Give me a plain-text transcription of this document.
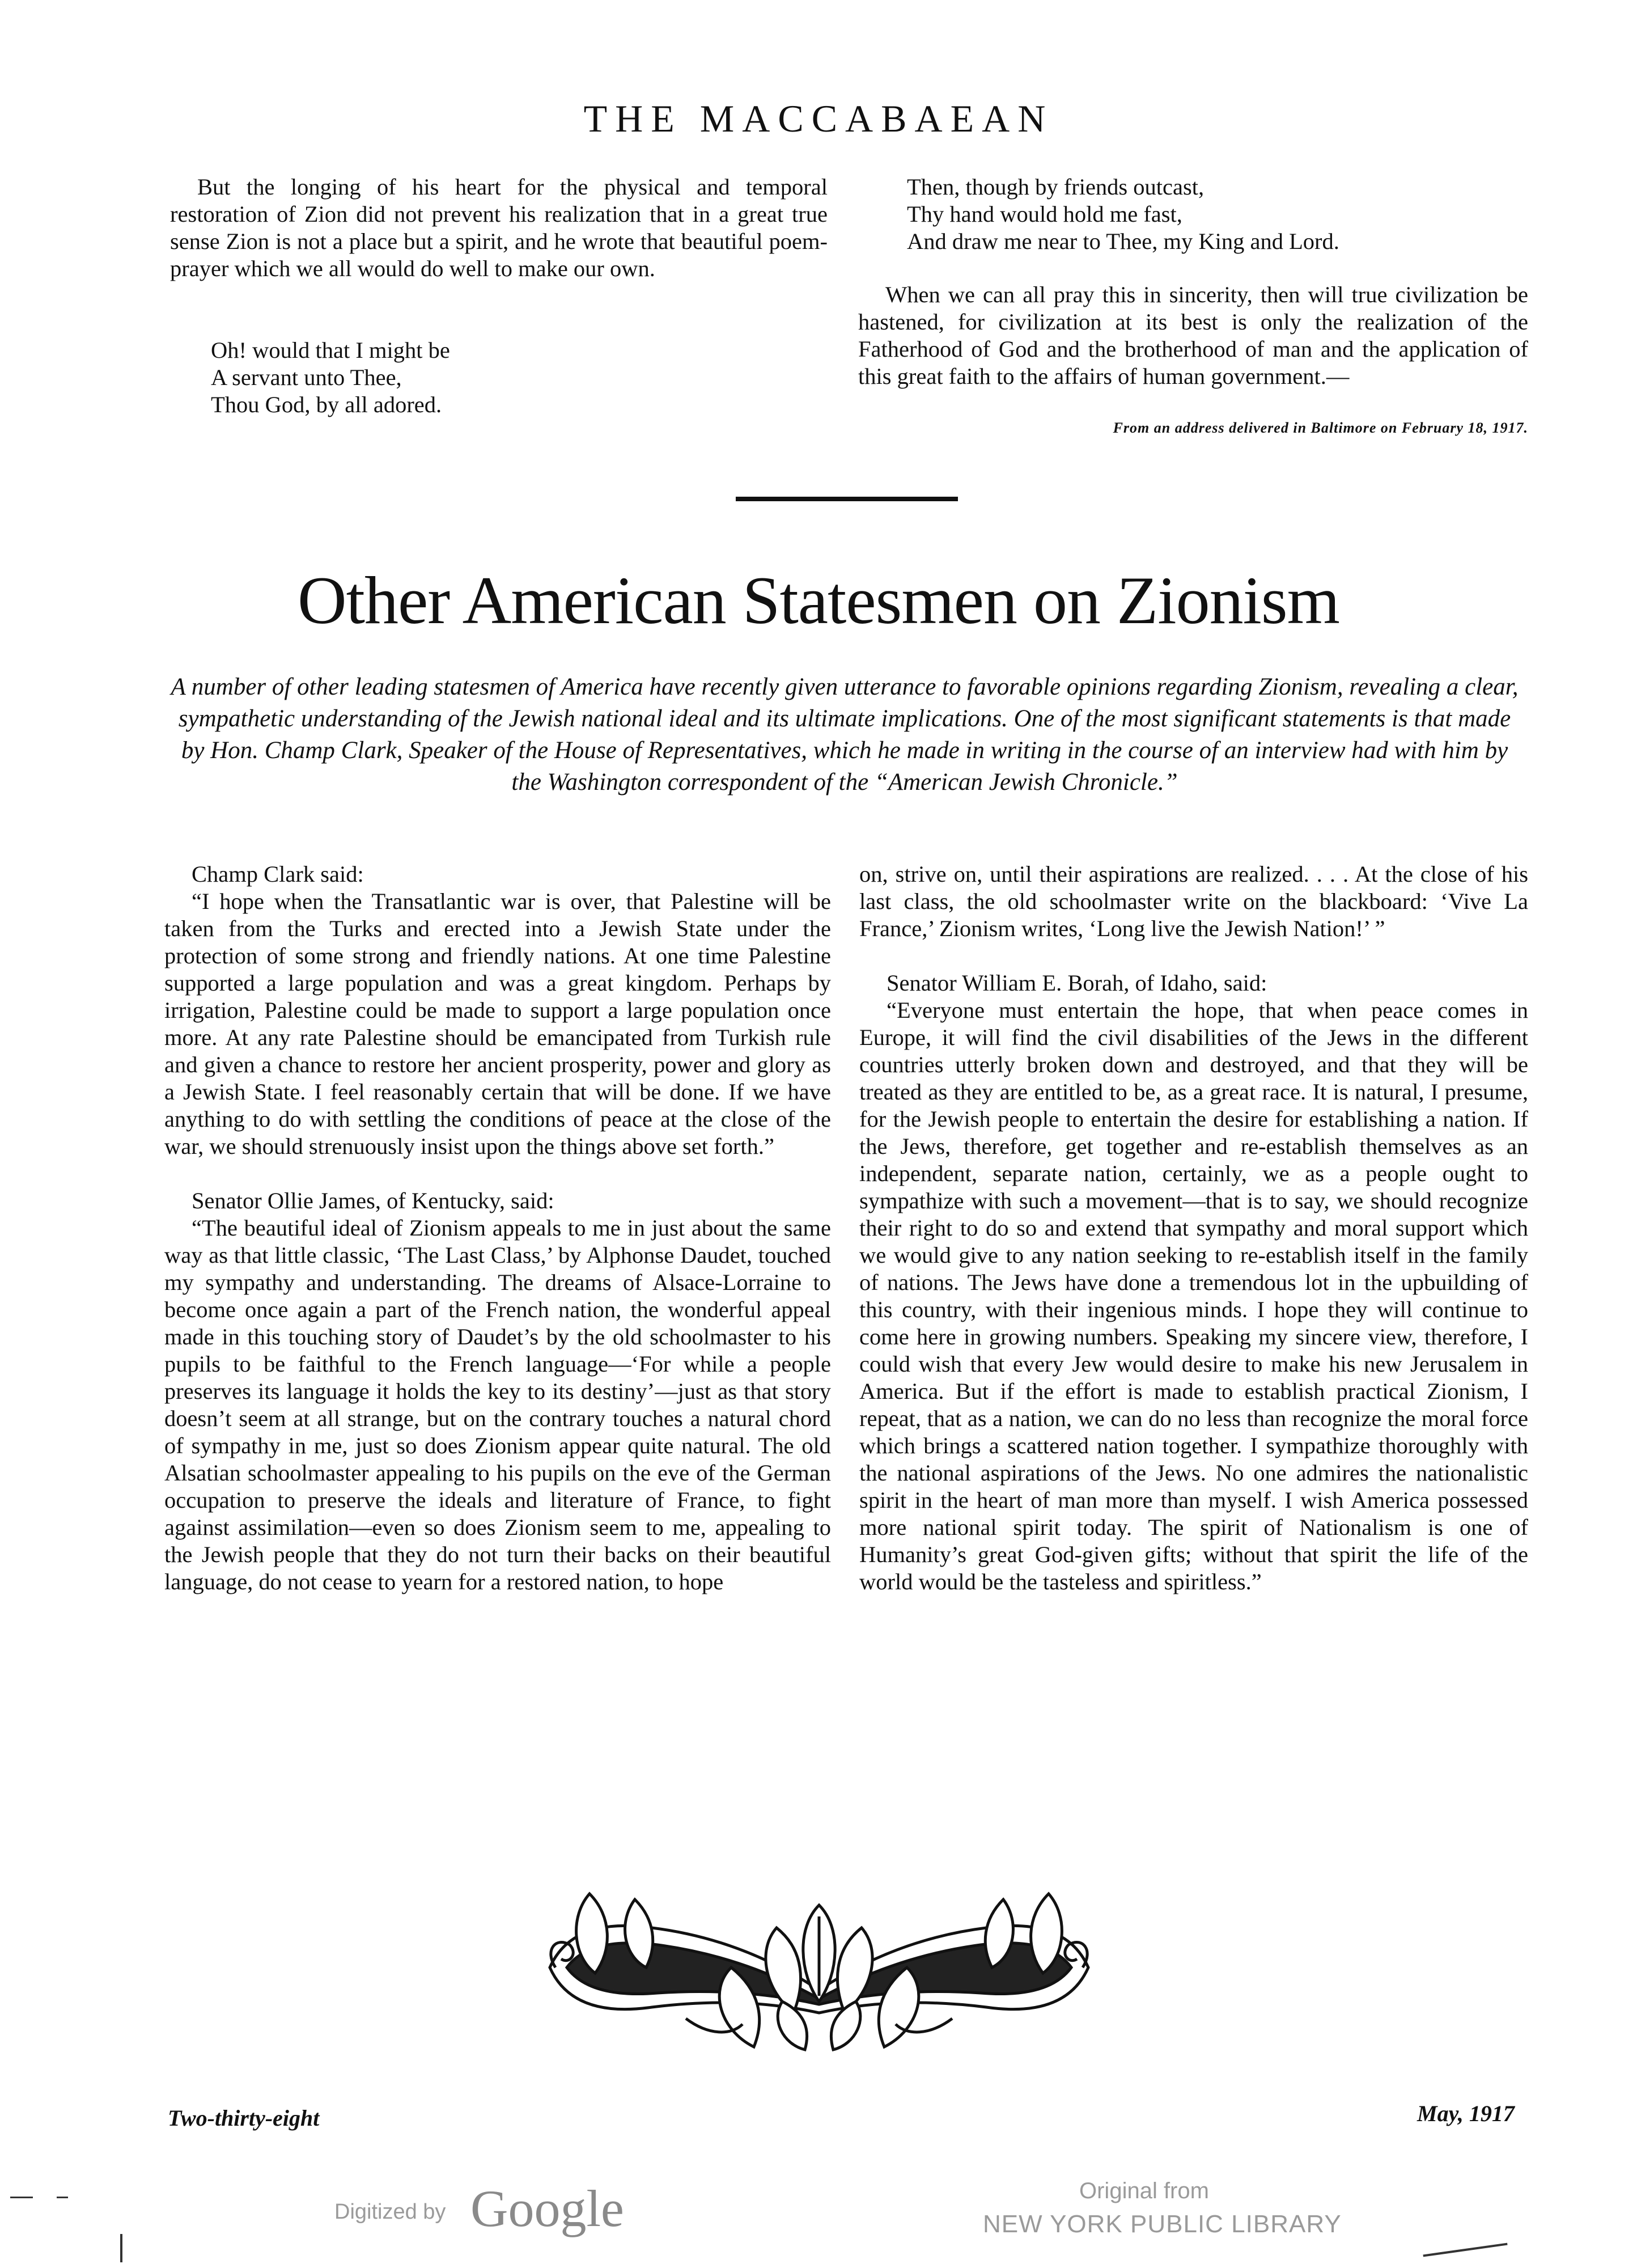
THE MACCABAEAN

But the longing of his heart for the physical and temporal restoration of Zion did not prevent his realization that in a great true sense Zion is not a place but a spirit, and he wrote that beautiful poem-prayer which we all would do well to make our own.

Oh! would that I might be
A servant unto Thee,
Thou God, by all adored.
Then, though by friends outcast,
Thy hand would hold me fast,
And draw me near to Thee, my King and Lord.

When we can all pray this in sincerity, then will true civilization be hastened, for civilization at its best is only the realization of the Fatherhood of God and the brotherhood of man and the application of this great faith to the affairs of human government.—

From an address delivered in Baltimore on February 18, 1917.
Other American Statesmen on Zionism
A number of other leading statesmen of America have recently given utterance to favorable opinions regarding Zionism, revealing a clear, sympathetic understanding of the Jewish national ideal and its ultimate implications. One of the most significant statements is that made by Hon. Champ Clark, Speaker of the House of Representatives, which he made in writing in the course of an interview had with him by the Washington correspondent of the “American Jewish Chronicle.”

Champ Clark said:

“I hope when the Transatlantic war is over, that Palestine will be taken from the Turks and erected into a Jewish State under the protection of some strong and friendly nations. At one time Palestine supported a large population and was a great kingdom. Perhaps by irrigation, Palestine could be made to support a large population once more. At any rate Palestine should be emancipated from Turkish rule and given a chance to restore her ancient prosperity, power and glory as a Jewish State. I feel reasonably certain that will be done. If we have anything to do with settling the conditions of peace at the close of the war, we should strenuously insist upon the things above set forth.”

Senator Ollie James, of Kentucky, said:

“The beautiful ideal of Zionism appeals to me in just about the same way as that little classic, ‘The Last Class,’ by Alphonse Daudet, touched my sympathy and understanding. The dreams of Alsace-Lorraine to become once again a part of the French nation, the wonderful appeal made in this touching story of Daudet’s by the old schoolmaster to his pupils to be faithful to the French language—‘For while a people preserves its language it holds the key to its destiny’—just as that story doesn’t seem at all strange, but on the contrary touches a natural chord of sympathy in me, just so does Zionism appear quite natural. The old Alsatian schoolmaster appealing to his pupils on the eve of the German occupation to preserve the ideals and literature of France, to fight against assimilation—even so does Zionism seem to me, appealing to the Jewish people that they do not turn their backs on their beautiful language, do not cease to yearn for a restored nation, to hope

on, strive on, until their aspirations are realized. . . . At the close of his last class, the old schoolmaster write on the blackboard: ‘Vive La France,’ Zionism writes, ‘Long live the Jewish Nation!’ ”

Senator William E. Borah, of Idaho, said:

“Everyone must entertain the hope, that when peace comes in Europe, it will find the civil disabilities of the Jews in the different countries utterly broken down and destroyed, and that they will be treated as they are entitled to be, as a great race. It is natural, I presume, for the Jewish people to entertain the desire for establishing a nation. If the Jews, therefore, get together and re-establish themselves as an independent, separate nation, certainly, we as a people ought to sympathize with such a movement—that is to say, we should recognize their right to do so and extend that sympathy and moral support which we would give to any nation seeking to re-establish itself in the family of nations. The Jews have done a tremendous lot in the upbuilding of this country, with their ingenious minds. I hope they will continue to come here in growing numbers. Speaking my sincere view, therefore, I could wish that every Jew would desire to make his new Jerusalem in America. But if the effort is made to establish practical Zionism, I repeat, that as a nation, we can do no less than recognize the moral force which brings a scattered nation together. I sympathize thoroughly with the national aspirations of the Jews. No one admires the nationalistic spirit in the heart of man more than myself. I wish America possessed more national spirit today. The spirit of Nationalism is one of Humanity’s great God-given gifts; without that spirit the life of the world would be the tasteless and spiritless.”

Two-thirty-eight	May, 1917
Digitized by Google	Original from
NEW YORK PUBLIC LIBRARY
